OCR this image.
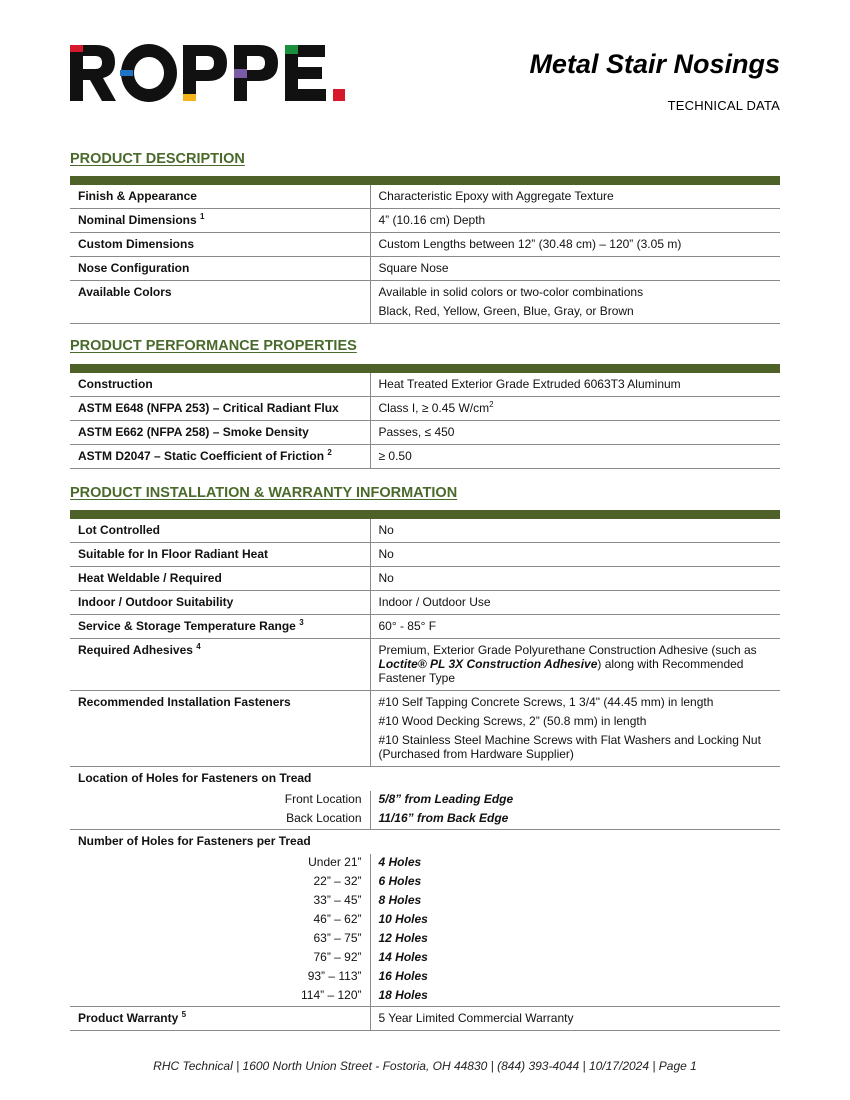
Metal Stair Nosings
TECHNICAL DATA
PRODUCT DESCRIPTION
Finish & Appearance	Characteristic Epoxy with Aggregate Texture
Nominal Dimensions $^1$	4” (10.16 cm) Depth
Custom Dimensions	Custom Lengths between 12” (30.48 cm) – 120” (3.05 m)
Nose Configuration	Square Nose
Available Colors	Available in solid colors or two-color combinations
Black, Red, Yellow, Green, Blue, Gray, or Brown
PRODUCT PERFORMANCE PROPERTIES
Construction	Heat Treated Exterior Grade Extruded 6063T3 Aluminum
ASTM E648 (NFPA 253) – Critical Radiant Flux	Class I, ≥ 0.45 $W/cm^2$
ASTM E662 (NFPA 258) – Smoke Density	Passes, ≤ 450
ASTM D2047 – Static Coefficient of Friction $^2$	≥ 0.50
PRODUCT INSTALLATION & WARRANTY INFORMATION
Lot Controlled	No
Suitable for In Floor Radiant Heat	No
Heat Weldable / Required	No
Indoor / Outdoor Suitability	Indoor / Outdoor Use
Service & Storage Temperature Range $^3$	60° - 85° F
Required Adhesives $^4$	Premium, Exterior Grade Polyurethane Construction Adhesive (such as Loctite® PL 3X Construction Adhesive) along with Recommended Fastener Type
Recommended Installation Fasteners	#10 Self Tapping Concrete Screws, 1 3/4" (44.45 mm) in length
#10 Wood Decking Screws, 2” (50.8 mm) in length
#10 Stainless Steel Machine Screws with Flat Washers and Locking Nut (Purchased from Hardware Supplier)

Location of Holes for Fasteners on Tread	
Front Location	5/8” from Leading Edge
Back Location	11/16” from Back Edge
Number of Holes for Fasteners per Tread	
Under 21”	4 Holes
22” – 32”	6 Holes
33” – 45”	8 Holes
46” – 62”	10 Holes
63” – 75”	12 Holes
76” – 92”	14 Holes
93” – 113”	16 Holes
114” – 120”	18 Holes
Product Warranty $^5$	5 Year Limited Commercial Warranty
RHC Technical | 1600 North Union Street - Fostoria, OH 44830 | (844) 393-4044 | 10/17/2024 | Page 1
